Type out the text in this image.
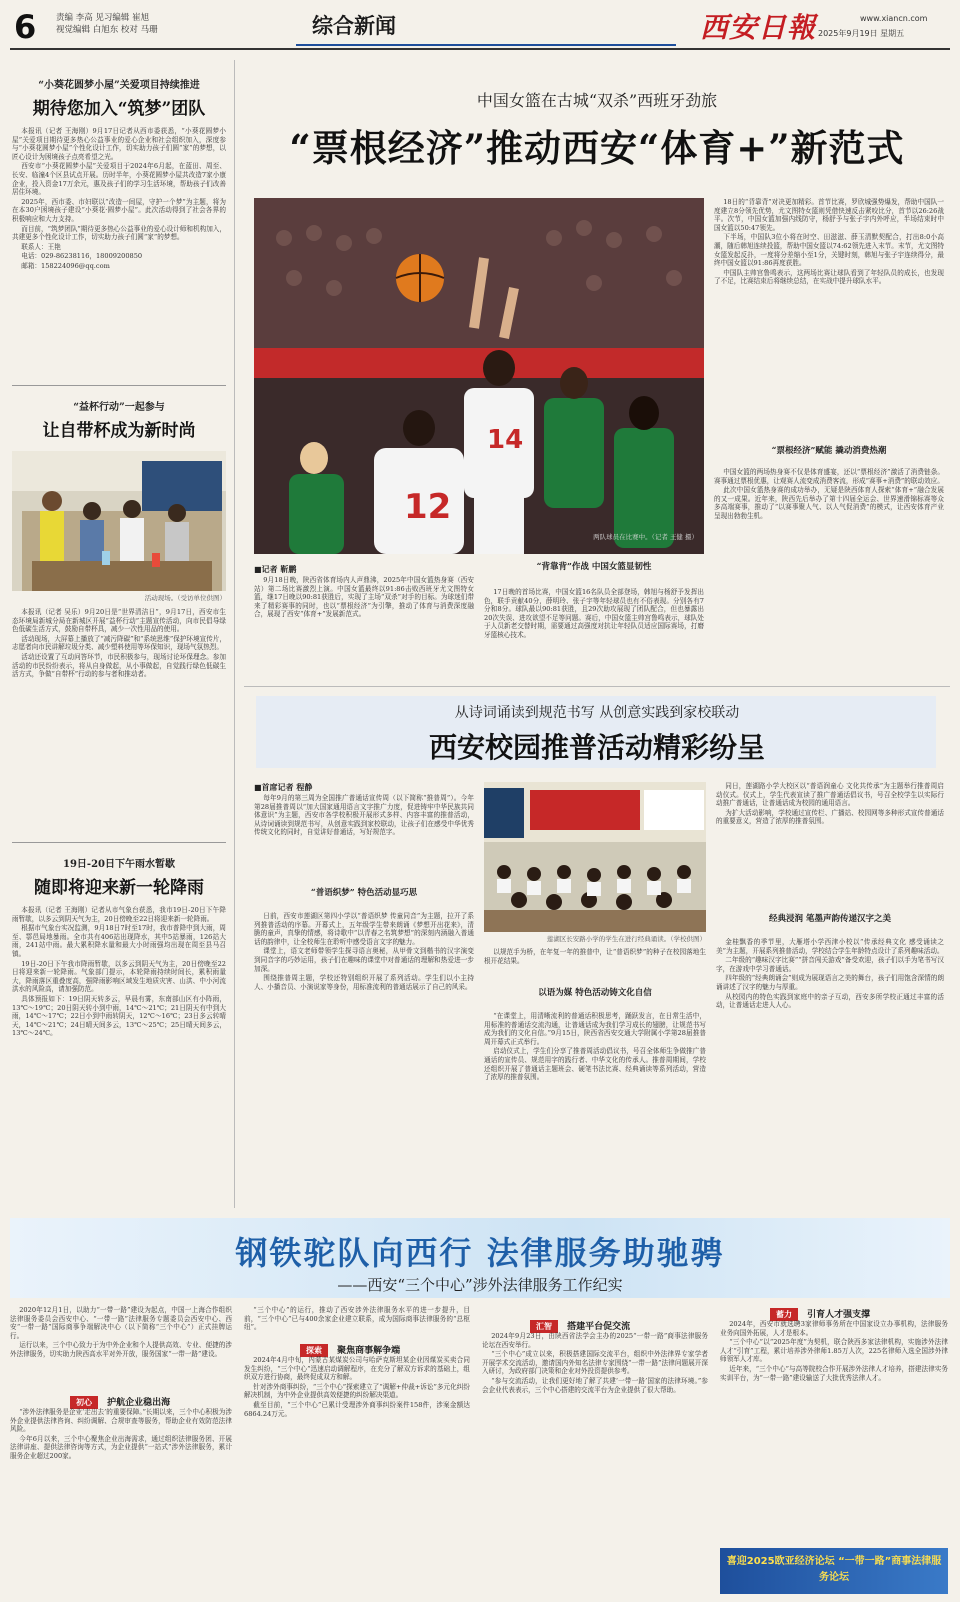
6 责编 李高 见习编辑 崔旭
视觉编辑 白旭东 校对 马珊	综合新闻	西安日報	www.xiancn.com
2025年9月19日 星期五
“小葵花圆梦小屋”关爱项目持续推进
期待您加入“筑梦”团队

本报讯（记者 王海刚）9月17日记者从西市委获悉，“小葵花圆梦小屋”关爱项目期待更多热心公益事业的爱心企业和社会组织加入，深度参与“小葵花圆梦小屋”个性化设计工作，切实助力孩子们圆“家”的梦想，以匠心设计为困境孩子点亮希望之光。

西安市“小葵花圆梦小屋”关爱项目于2024年6月起，在蓝田、周至、长安、临潼4个区县试点开展。历时半年，小葵花圆梦小屋共改造7家小康企业，投入资金17万余元，惠及孩子们的学习生活环境，帮助孩子们改善居住环境。

2025年，西市委、市妇联以“改造一间屋，守护一个梦”为主题，将为在本30户困境孩子建设“小葵花·圆梦小屋”。此次活动得到了社会各界的积极响应和大力支持。

而目前，“筑梦团队”期待更多热心公益事业的爱心设计师和机构加入，共建更多个性化设计工作，切实助力孩子们圆“家”的梦想。

联系人：王艳

电话：029-86238116，18009200850

邮箱：158224096@qq.com

“益杯行动”一起参与
让自带杯成为新时尚
活动现场。（受访单位供图）

本报讯（记者 吴乐）9月20日是“世界清洁日”，9月17日，西安市生态环境局新城分局在新城区开展“益杯行动”主题宣传活动，向市民倡导绿色低碳生活方式，鼓励自带杯具，减少一次性用品的使用。

活动现场，大屏幕上播放了“减污降碳”和“系统思维”保护环境宣传片，志愿者向市民讲解垃圾分类、减少塑料使用等环保知识，现场气氛热烈。

活动还设置了互动问答环节，市民积极参与，现场讨论环保理念。参加活动的市民纷纷表示，将从自身做起，从小事做起，自觉践行绿色低碳生活方式，争做“自带杯”行动的参与者和推动者。

19日-20日下午雨水暂歇
随即将迎来新一轮降雨

本报讯（记者 王海刚）记者从市气象台获悉，我市19日-20日下午降雨暂歇，以多云到阴天气为主，20日傍晚至22日将迎来新一轮降雨。

根据市气象台实况监测，9月18日7时至17时，我市普降中到大雨，周至、鄠邑局地暴雨。全市共有406站出现降水，其中5站暴雨，126站大雨，241站中雨。最大累积降水量和最大小时雨强均出现在周至县马召镇。

19日-20日下午我市降雨暂歇，以多云到阴天气为主，20日傍晚至22日将迎来新一轮降雨。气象部门提示，本轮降雨持续时间长，累积雨量大，降雨落区重叠度高，强降雨影响区域发生地质灾害、山洪、中小河流洪水的风险高，请加强防范。

具体预报如下：19日阴天转多云，早晨有雾，东南部山区有小阵雨，13℃～19℃；20日阴天转小到中雨，14℃～21℃；21日阴天有中到大雨，14℃～17℃；22日小到中雨转阴天，12℃～16℃；23日多云转晴天，14℃～21℃；24日晴天间多云，13℃～25℃；25日晴天间多云，13℃～24℃。

中国女篮在古城“双杀”西班牙劲旅
“票根经济”推动西安“体育+”新范式
14
12
两队球员在比赛中。（记者 王健 摄）
■记者 靳鹏

9月18日晚，陕西省体育场内人声鼎沸，2025年中国女篮热身赛（西安站）第二场比赛激烈上演。中国女篮最终以91:86击败西班牙尤文图特女篮，继17日晚以90:81获胜后，实现了主场“双杀”对手的目标。为球迷们带来了精彩赛事的同时，也以“票根经济”为引擎，推动了体育与消费深度融合，展现了西安“体育+”发展新范式。

“背靠背”作战 中国女篮显韧性

17日晚的首场比赛，中国女篮16名队员全部登场，韩旭与杨舒予发挥出色，联手贡献40分，薛明玲、张子宇等年轻球员也有不俗表现。分别各有7分和8分。球队最以90:81获胜，且29次助攻展现了团队配合，但也暴露出20次失误、进攻欲望不足等问题。赛后，中国女篮主帅宫鲁鸣表示，球队处于人员新老交替时期，需要通过高强度对抗让年轻队员适应国际赛场，打磨牙篮核心技术。

18日的“背靠背”对决更加精彩。首节比赛，罗欣城强势爆发，帮助中国队一度建立8分领先优势，尤文图特女篮则凭借快速反击紧咬比分，首节以26:26战平。次节，中国女篮加强内线防守，杨舒予与张子宇内外呼应，半场结束时中国女篮以50:47领先。

下半场，中国队3位小将在时空、田滋滋、薛玉清默契配合，打出8:0小高潮，随后韩旭连续投篮，帮助中国女篮以74:62领先进入末节。末节，尤文图特女篮发起反扑，一度将分差缩小至1分，关键时刻，韩旭与张子宇连续得分，最终中国女篮以91:86再度获胜。

中国队主帅宫鲁鸣表示，这两场比赛让球队看到了年轻队员的成长，也发现了不足，比赛结束后将继续总结，在实战中提升球队水平。

“票根经济”赋能 撬动消费热潮

中国女篮的两场热身赛不仅是体育盛宴，还以“票根经济”激活了消费链条。赛事通过票根优惠，让观赛人流变成消费客流，形成“赛事+消费”的联动效应。

此次中国女篮热身赛的成功举办，无疑是陕西体育人探索“体育+”融合发展的又一成果。近年来，陕西先后举办了第十四届全运会、世界速滑锦标赛等众多高端赛事，推动了“以赛事聚人气、以人气促消费”的模式，让西安体育产业呈现出勃勃生机。

从诗词诵读到规范书写 从创意实践到家校联动
西安校园推普活动精彩纷呈
■首席记者 程静

每年9月的第三周为全国推广普通话宣传周（以下简称“推普周”）。今年第28届推普周以“加大国家通用语言文字推广力度，促进铸牢中华民族共同体意识”为主题，西安市各学校积极开展形式多样、内容丰富的推普活动，从诗词诵读到规范书写，从创意实践到家校联动，让孩子们在感受中华优秀传统文化的同时，自觉讲好普通话，写好规范字。

“普语织梦” 特色活动显巧思

日前，西安市莲湖区第四小学以“普语织梦 传童同音”为主题，拉开了系列推普活动的序幕。开幕式上，五年级学生带来朗诵《梦想开出花来》，清脆的童声，真挚的情感，将诗歌中“以青春之名筑梦想”的深刻内涵融入普通话的韵律中，让全校师生在聆听中感受语言文字的魅力。

课堂上，语文老师带领学生探寻语言奥秘，从甲骨文到楷书的汉字演变到同音字的巧妙运用，孩子们在趣味的课堂中对普通话的理解和热爱进一步加深。

围绕推普周主题，学校还特别组织开展了系列活动。学生们以小主持人、小播音员、小演说家等身份，用标准流利的普通话展示了自己的风采。

莲湖区长安路小学的学生在进行经典诵读。（学校供图）

以规范手为桥，在年复一年的推普中，让“普语织梦”的种子在校园落地生根开花结果。

以语为媒 特色活动铸文化自信

“在课堂上，用清晰流利的普通话积极思考，踊跃发言，在日常生活中，用标准的普通话交流沟通，让普通话成为我们学习成长的翅膀，让规范书写成为我们的文化自信。”9月15日，陕西省西安交通大学附属小学第28届推普周开幕式正式举行。

启动仪式上，学生们分享了推普周活动倡议书，号召全体师生争做推广普通话的宣传员、规范用字的践行者、中华文化的传承人。推普周期间，学校还组织开展了普通话主题班会、硬笔书法比赛、经典诵读等系列活动，营造了浓厚的推普氛围。

同日，莲湖路小学大校区以“普语润童心 文化共传承”为主题举行推普周启动仪式。仪式上，学生代表宣读了推广普通话倡议书，号召全校学生以实际行动推广普通话，让普通话成为校园的通用语言。

为扩大活动影响，学校通过宣传栏、广播站、校园网等多种形式宣传普通话的重要意义，营造了浓厚的推普氛围。

经典浸润 笔墨声韵传递汉字之美

金桂飘香的季节里，大雁塔小学西津小校以“传承经典文化 感受诵读之美”为主题，开展系列推普活动，学校结合学生年龄特点设计了系列趣味活动。

二年级的“趣味汉字比赛”“拼音闯关游戏”备受欢迎，孩子们以手为笔书写汉字，在游戏中学习普通话。

四年级的“经典朗诵会”则成为展现语言之美的舞台，孩子们用饱含深情的朗诵讲述了汉字的魅力与厚重。

从校园内的特色实践到家庭中的亲子互动，西安多所学校正通过丰富的活动，让普通话走进人人心。

钢铁驼队向西行 法律服务助驰骋
——西安“三个中心”涉外法律服务工作纪实

2020年12月1日，以助力“一带一路”建设为起点，中国一上海合作组织法律服务委员会西安中心、“一带一路”法律服务专题委员会西安中心、西安“一带一路”国际商事争端解决中心（以下简称“三个中心”）正式挂牌运行。

运行以来，三个中心致力于为中外企业和个人提供高效、专业、便捷的涉外法律服务，切实助力陕西高水平对外开放，服务国家“一带一路”建设。

初心 护航企业稳出海

“涉外法律服务是企业‘走出去’的重要保障。”长期以来，三个中心积极为涉外企业提供法律咨询、纠纷调解、合规审查等服务，帮助企业有效防范法律风险。

今年6月以来，三个中心聚焦企业出海需求，通过组织法律服务团、开展法律讲座、提供法律咨询等方式，为企业提供“一站式”涉外法律服务，累计服务企业超过200家。

“三个中心”的运行，推动了西安涉外法律服务水平的进一步提升，目前，“三个中心”已与400余家企业建立联系，成为国际商事法律服务的“总枢纽”。

探索 聚焦商事解争端

2024年4月中旬，内蒙古某煤炭公司与哈萨克斯坦某企业因煤炭买卖合同发生纠纷，“三个中心”迅速启动调解程序，在充分了解双方诉求的基础上，组织双方进行协商，最终促成双方和解。

针对涉外商事纠纷，“三个中心”探索建立了“调解+仲裁+诉讼”多元化纠纷解决机制，为中外企业提供高效便捷的纠纷解决渠道。

截至目前，“三个中心”已累计受理涉外商事纠纷案件158件，涉案金额达6864.24万元。

汇智 搭建平台促交流

2024年9月23日，由陕西省法学会主办的2025“一带一路”商事法律服务论坛在西安举行。

“三个中心”成立以来，积极搭建国际交流平台，组织中外法律界专家学者开展学术交流活动，邀请国内外知名法律专家围绕“一带一路”法律问题展开深入研讨，为政府部门决策和企业对外投资提供参考。

“参与交流活动，让我们更好地了解了共建‘一带一路’国家的法律环境。”参会企业代表表示，三个中心搭建的交流平台为企业提供了很大帮助。

蓄力 引育人才强支撑

2024年，西安市就选聘3家律师事务所在中国家设立办事机构，法律服务业务向国外拓展，人才是根本。

“三个中心”以“2025年度”为契机，联合陕西多家法律机构，实施涉外法律人才“引育”工程，累计培养涉外律师1.85万人次，225名律师入选全国涉外律师领军人才库。

近年来，“三个中心”与高等院校合作开展涉外法律人才培养，搭建法律实务实训平台，为“一带一路”建设输送了大批优秀法律人才。

喜迎2025欧亚经济论坛 “一带一路”商事法律服务论坛
